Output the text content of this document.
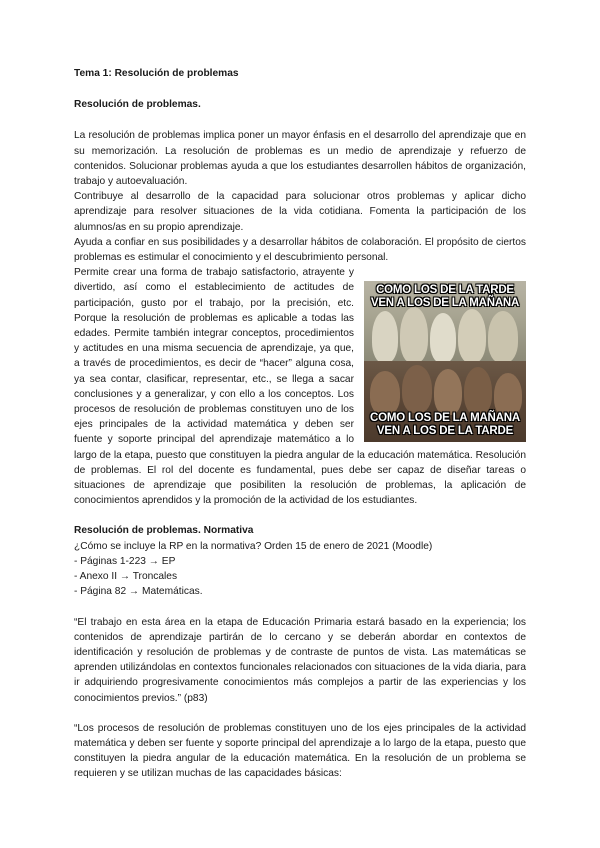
Tema 1: Resolución de problemas

Resolución de problemas.

La resolución de problemas implica poner un mayor énfasis en el desarrollo del aprendizaje que en su memorización. La resolución de problemas es un medio de aprendizaje y refuerzo de contenidos. Solucionar problemas ayuda a que los estudiantes desarrollen hábitos de organización, trabajo y autoevaluación.

Contribuye al desarrollo de la capacidad para solucionar otros problemas y aplicar dicho aprendizaje para resolver situaciones de la vida cotidiana. Fomenta la participación de los alumnos/as en su propio aprendizaje.

Ayuda a confiar en sus posibilidades y a desarrollar hábitos de colaboración. El propósito de ciertos problemas es estimular el conocimiento y el descubrimiento personal.

COMO LOS DE LA TARDE VEN A LOS DE LA MAÑANA
COMO LOS DE LA MAÑANA VEN A LOS DE LA TARDE

Permite crear una forma de trabajo satisfactorio, atrayente y divertido, así como el establecimiento de actitudes de participación, gusto por el trabajo, por la precisión, etc. Porque la resolución de problemas es aplicable a todas las edades. Permite también integrar conceptos, procedimientos y actitudes en una misma secuencia de aprendizaje, ya que, a través de procedimientos, es decir de “hacer” alguna cosa, ya sea contar, clasificar, representar, etc., se llega a sacar conclusiones y a generalizar, y con ello a los conceptos. Los procesos de resolución de problemas constituyen uno de los ejes principales de la actividad matemática y deben ser fuente y soporte principal del aprendizaje matemático a lo largo de la etapa, puesto que constituyen la piedra angular de la educación matemática. Resolución de problemas. El rol del docente es fundamental, pues debe ser capaz de diseñar tareas o situaciones de aprendizaje que posibiliten la resolución de problemas, la aplicación de conocimientos aprendidos y la promoción de la actividad de los estudiantes.

Resolución de problemas. Normativa

¿Cómo se incluye la RP en la normativa? Orden 15 de enero de 2021 (Moodle)

- Páginas 1-223 → EP

- Anexo II → Troncales

- Página 82 → Matemáticas.

“El trabajo en esta área en la etapa de Educación Primaria estará basado en la experiencia; los contenidos de aprendizaje partirán de lo cercano y se deberán abordar en contextos de identificación y resolución de problemas y de contraste de puntos de vista. Las matemáticas se aprenden utilizándolas en contextos funcionales relacionados con situaciones de la vida diaria, para ir adquiriendo progresivamente conocimientos más complejos a partir de las experiencias y los conocimientos previos.” (p83)

“Los procesos de resolución de problemas constituyen uno de los ejes principales de la actividad matemática y deben ser fuente y soporte principal del aprendizaje a lo largo de la etapa, puesto que constituyen la piedra angular de la educación matemática. En la resolución de un problema se requieren y se utilizan muchas de las capacidades básicas:
